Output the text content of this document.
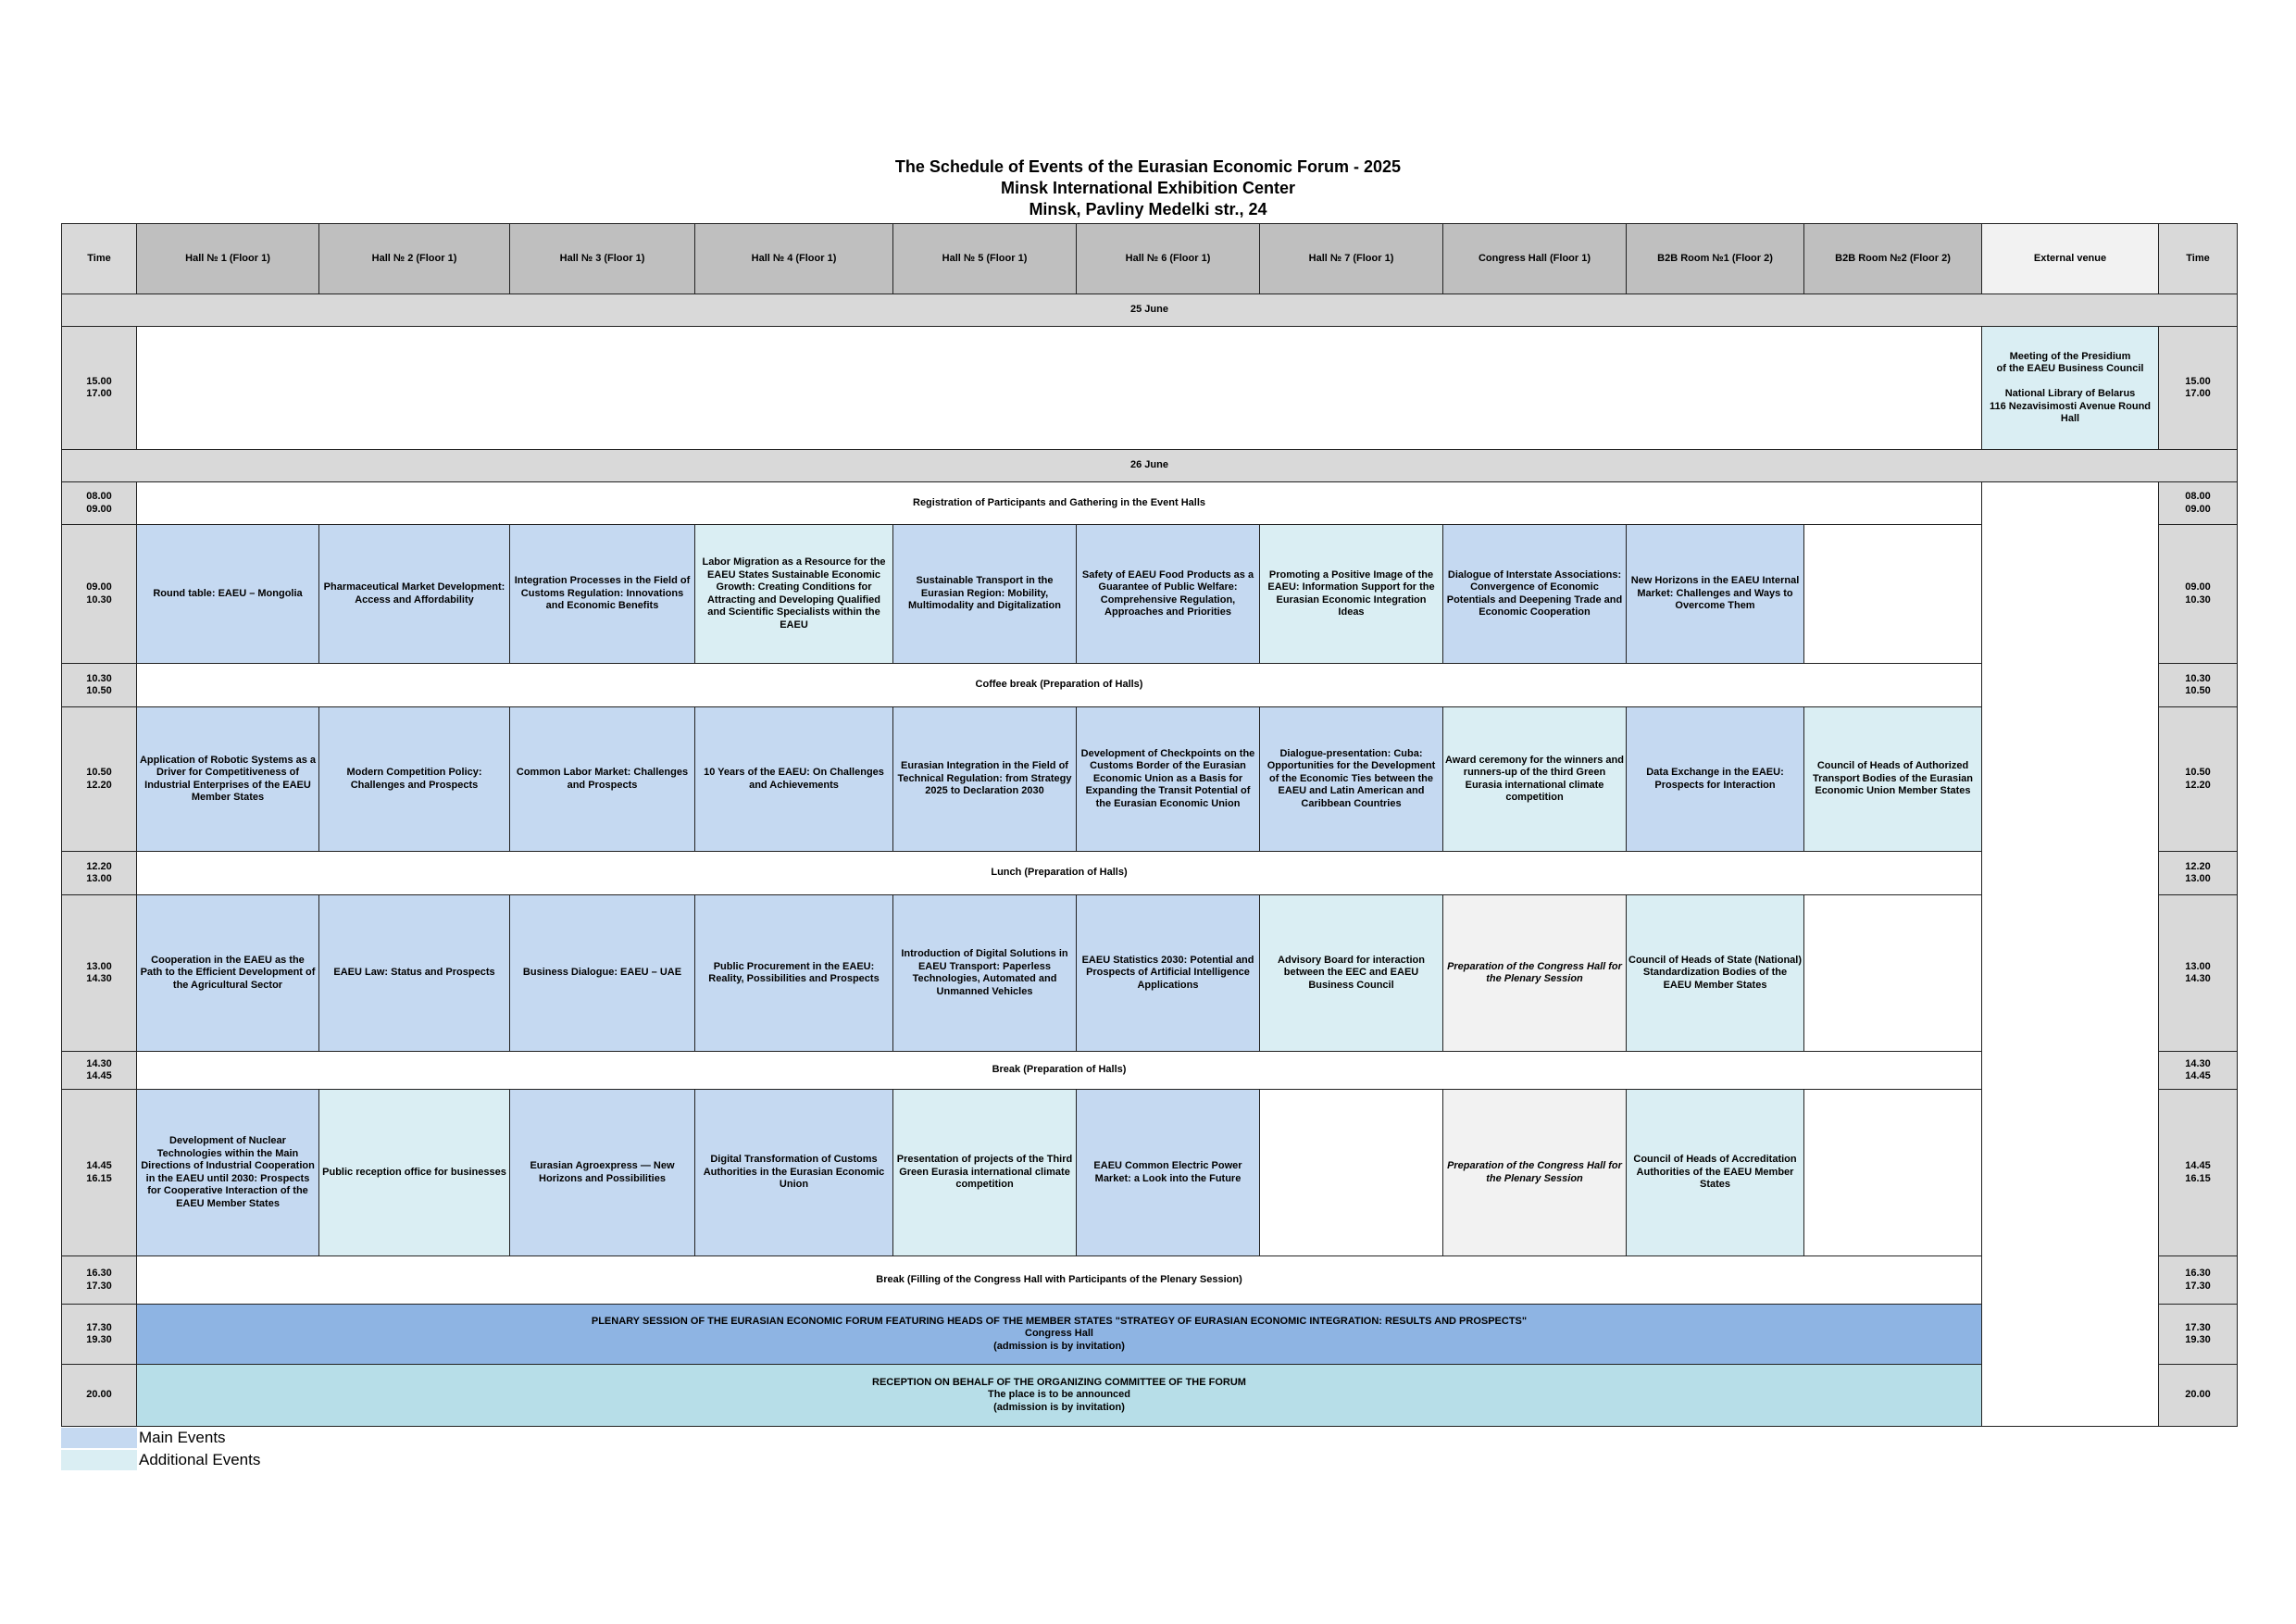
The Schedule of Events of the Eurasian Economic Forum - 2025
Minsk International Exhibition Center
Minsk, Pavliny Medelki str., 24
Time	Hall № 1 (Floor 1)	Hall № 2 (Floor 1)	Hall № 3 (Floor 1)	Hall № 4 (Floor 1)	Hall № 5 (Floor 1)	Hall № 6 (Floor 1)	Hall № 7 (Floor 1)	Congress Hall (Floor 1)	B2B Room №1 (Floor 2)	B2B Room №2 (Floor 2)	External venue	Time
25 June												
15.00
17.00											Meeting of the Presidium
of the EAEU Business Council

National Library of Belarus
116 Nezavisimosti Avenue Round Hall	15.00
17.00
26 June												
08.00
09.00	Registration of Participants and Gathering in the Event Halls											08.00
09.00
09.00
10.30	Round table: EAEU – Mongolia	Pharmaceutical Market Development: Access and Affordability	Integration Processes in the Field of Customs Regulation: Innovations and Economic Benefits	Labor Migration as a Resource for the EAEU States Sustainable Economic Growth: Creating Conditions for Attracting and Developing Qualified and Scientific Specialists within the EAEU	Sustainable Transport in the Eurasian Region: Mobility, Multimodality and Digitalization	Safety of EAEU Food Products as a Guarantee of Public Welfare: Comprehensive Regulation, Approaches and Priorities	Promoting a Positive Image of the EAEU: Information Support for the Eurasian Economic Integration Ideas	Dialogue of Interstate Associations: Convergence of Economic Potentials and Deepening Trade and Economic Cooperation	New Horizons in the EAEU Internal Market: Challenges and Ways to Overcome Them			09.00
10.30
10.30
10.50	Coffee break (Preparation of Halls)											10.30
10.50
10.50
12.20	Application of Robotic Systems as a Driver for Competitiveness of Industrial Enterprises of the EAEU Member States	Modern Competition Policy: Challenges and Prospects	Common Labor Market: Challenges and Prospects	10 Years of the EAEU: On Challenges and Achievements	Eurasian Integration in the Field of Technical Regulation: from Strategy 2025 to Declaration 2030	Development of Checkpoints on the Customs Border of the Eurasian Economic Union as a Basis for Expanding the Transit Potential of the Eurasian Economic Union	Dialogue-presentation: Cuba: Opportunities for the Development of the Economic Ties between the EAEU and Latin American and Caribbean Countries	Award ceremony for the winners and runners-up of the third Green Eurasia international climate competition	Data Exchange in the EAEU: Prospects for Interaction	Council of Heads of Authorized Transport Bodies of the Eurasian Economic Union Member States		10.50
12.20
12.20
13.00	Lunch (Preparation of Halls)											12.20
13.00
13.00
14.30	Cooperation in the EAEU as the Path to the Efficient Development of the Agricultural Sector	EAEU Law: Status and Prospects	Business Dialogue: EAEU – UAE	Public Procurement in the EAEU: Reality, Possibilities and Prospects	Introduction of Digital Solutions in EAEU Transport: Paperless Technologies, Automated and Unmanned Vehicles	EAEU Statistics 2030: Potential and Prospects of Artificial Intelligence Applications	Advisory Board for interaction between the EEC and EAEU Business Council	Preparation of the Congress Hall for the Plenary Session	Council of Heads of State (National) Standardization Bodies of the EAEU Member States			13.00
14.30
14.30
14.45	Break (Preparation of Halls)											14.30
14.45
14.45
16.15	Development of Nuclear Technologies within the Main Directions of Industrial Cooperation in the EAEU until 2030: Prospects for Cooperative Interaction of the EAEU Member States	Public reception office for businesses	Eurasian Agroexpress — New Horizons and Possibilities	Digital Transformation of Customs Authorities in the Eurasian Economic Union	Presentation of projects of the Third Green Eurasia international climate competition	EAEU Common Electric Power Market: a Look into the Future		Preparation of the Congress Hall for the Plenary Session	Council of Heads of Accreditation Authorities of the EAEU Member States			14.45
16.15
16.30
17.30	Break (Filling of the Congress Hall with Participants of the Plenary Session)											16.30
17.30
17.30
19.30	PLENARY SESSION OF THE EURASIAN ECONOMIC FORUM FEATURING HEADS OF THE MEMBER STATES "STRATEGY OF EURASIAN ECONOMIC INTEGRATION: RESULTS AND PROSPECTS"
Congress Hall
(admission is by invitation)											17.30
19.30
20.00	RECEPTION ON BEHALF OF THE ORGANIZING COMMITTEE OF THE FORUM
The place is to be announced
(admission is by invitation)											20.00
Main Events
Additional Events
